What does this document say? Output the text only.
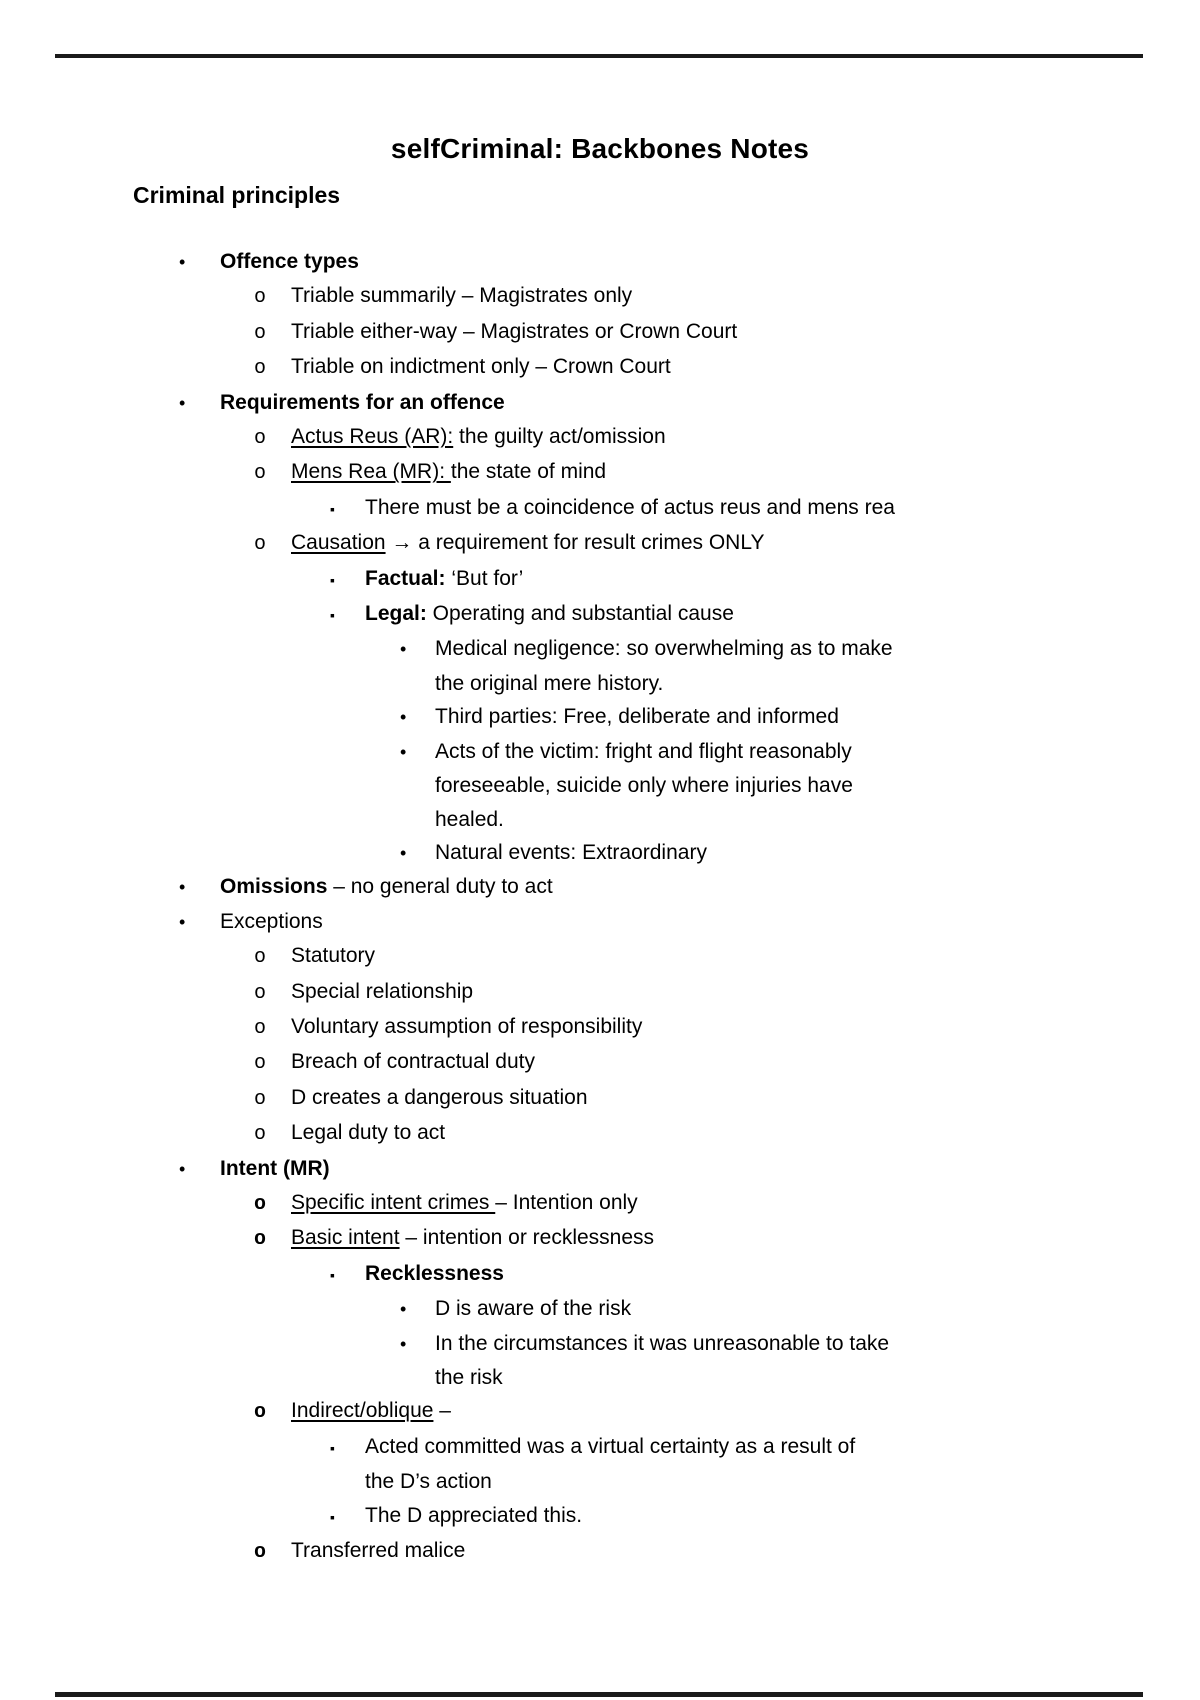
selfCriminal: Backbones Notes
Criminal principles
•	Offence types
o	Triable summarily – Magistrates only
o	Triable either-way – Magistrates or Crown Court
o	Triable on indictment only – Crown Court
•	Requirements for an offence
o	Actus Reus (AR): the guilty act/omission
o	Mens Rea (MR): the state of mind
▪	There must be a coincidence of actus reus and mens rea
o	Causation → a requirement for result crimes ONLY
▪	Factual: ‘But for’
▪	Legal: Operating and substantial cause
•	Medical negligence: so overwhelming as to make
the original mere history.
•	Third parties: Free, deliberate and informed
•	Acts of the victim: fright and flight reasonably
foreseeable, suicide only where injuries have
healed.
•	Natural events: Extraordinary
•	Omissions – no general duty to act
•	Exceptions
o	Statutory
o	Special relationship
o	Voluntary assumption of responsibility
o	Breach of contractual duty
o	D creates a dangerous situation
o	Legal duty to act
•	Intent (MR)
o	Specific intent crimes – Intention only
o	Basic intent – intention or recklessness
▪	Recklessness
•	D is aware of the risk
•	In the circumstances it was unreasonable to take
the risk
o	Indirect/oblique –
▪	Acted committed was a virtual certainty as a result of
the D’s action
▪	The D appreciated this.
o	Transferred malice
